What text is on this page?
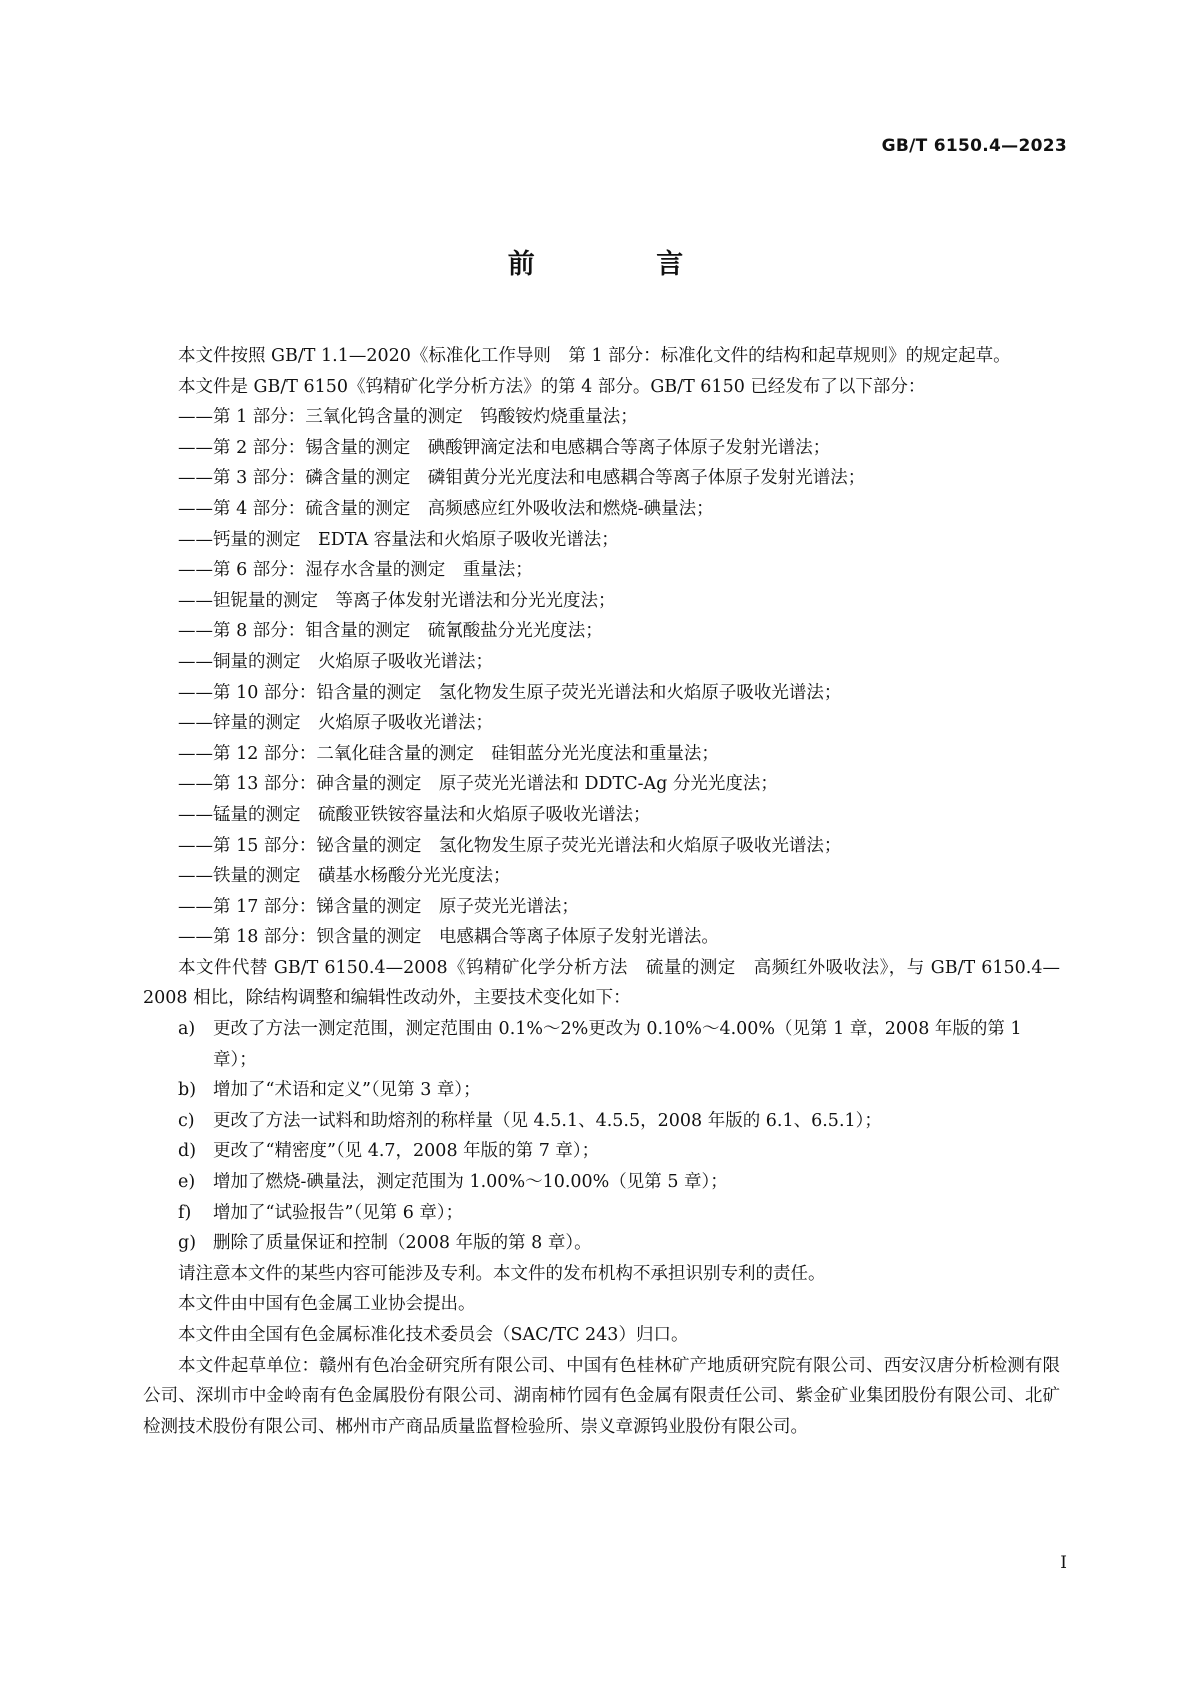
GB/T 6150.4—2023
前 言

本文件按照 GB/T 1.1—2020《标准化工作导则　第 1 部分：标准化文件的结构和起草规则》的规定起草。

本文件是 GB/T 6150《钨精矿化学分析方法》的第 4 部分。GB/T 6150 已经发布了以下部分：

——第 1 部分：三氧化钨含量的测定　钨酸铵灼烧重量法；

——第 2 部分：锡含量的测定　碘酸钾滴定法和电感耦合等离子体原子发射光谱法；

——第 3 部分：磷含量的测定　磷钼黄分光光度法和电感耦合等离子体原子发射光谱法；

——第 4 部分：硫含量的测定　高频感应红外吸收法和燃烧-碘量法；

——钙量的测定　EDTA 容量法和火焰原子吸收光谱法；

——第 6 部分：湿存水含量的测定　重量法；

——钽铌量的测定　等离子体发射光谱法和分光光度法；

——第 8 部分：钼含量的测定　硫氰酸盐分光光度法；

——铜量的测定　火焰原子吸收光谱法；

——第 10 部分：铅含量的测定　氢化物发生原子荧光光谱法和火焰原子吸收光谱法；

——锌量的测定　火焰原子吸收光谱法；

——第 12 部分：二氧化硅含量的测定　硅钼蓝分光光度法和重量法；

——第 13 部分：砷含量的测定　原子荧光光谱法和 DDTC-Ag 分光光度法；

——锰量的测定　硫酸亚铁铵容量法和火焰原子吸收光谱法；

——第 15 部分：铋含量的测定　氢化物发生原子荧光光谱法和火焰原子吸收光谱法；

——铁量的测定　磺基水杨酸分光光度法；

——第 17 部分：锑含量的测定　原子荧光光谱法；

——第 18 部分：钡含量的测定　电感耦合等离子体原子发射光谱法。

本文件代替 GB/T 6150.4—2008《钨精矿化学分析方法　硫量的测定　高频红外吸收法》，与 GB/T 6150.4—2008 相比，除结构调整和编辑性改动外，主要技术变化如下：

a) 更改了方法一测定范围，测定范围由 0.1%～2%更改为 0.10%～4.00%（见第 1 章，2008 年版的第 1 章）；

b) 增加了“术语和定义”（见第 3 章）；

c) 更改了方法一试料和助熔剂的称样量（见 4.5.1、4.5.5，2008 年版的 6.1、6.5.1）；

d) 更改了“精密度”（见 4.7，2008 年版的第 7 章）；

e) 增加了燃烧-碘量法，测定范围为 1.00%～10.00%（见第 5 章）；

f) 增加了“试验报告”（见第 6 章）；

g) 删除了质量保证和控制（2008 年版的第 8 章）。

请注意本文件的某些内容可能涉及专利。本文件的发布机构不承担识别专利的责任。

本文件由中国有色金属工业协会提出。

本文件由全国有色金属标准化技术委员会（SAC/TC 243）归口。

本文件起草单位：赣州有色冶金研究所有限公司、中国有色桂林矿产地质研究院有限公司、西安汉唐分析检测有限公司、深圳市中金岭南有色金属股份有限公司、湖南柿竹园有色金属有限责任公司、紫金矿业集团股份有限公司、北矿检测技术股份有限公司、郴州市产商品质量监督检验所、崇义章源钨业股份有限公司。

I
